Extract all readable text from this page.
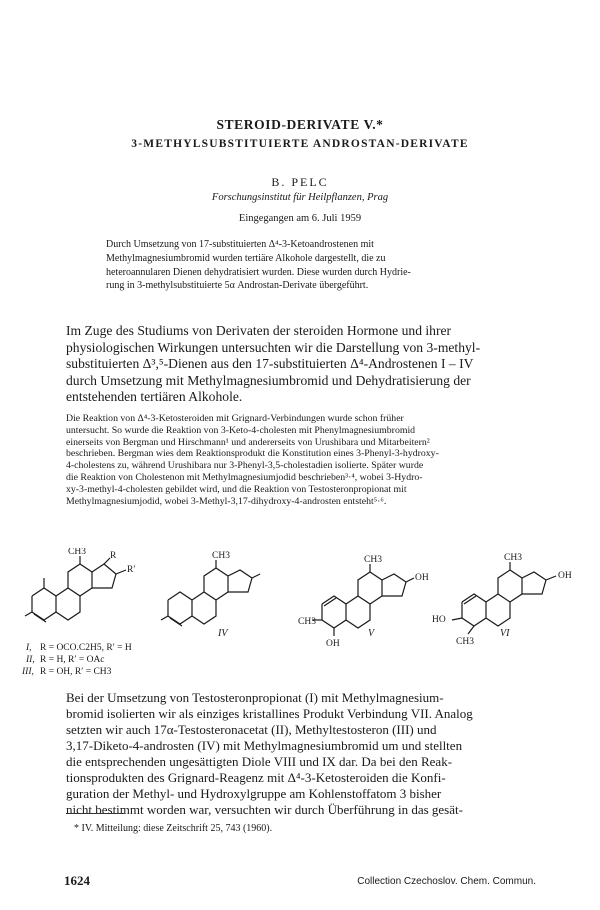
STEROID-DERIVATE V.*
3-METHYLSUBSTITUIERTE ANDROSTAN-DERIVATE
B. PELC
Forschungsinstitut für Heilpflanzen, Prag
Eingegangen am 6. Juli 1959
Durch Umsetzung von 17-substituierten Δ⁴-3-Ketoandrostenen mit
Methylmagnesiumbromid wurden tertiäre Alkohole dargestellt, die zu
heteroannularen Dienen dehydratisiert wurden. Diese wurden durch Hydrie-
rung in 3-methylsubstituierte 5α Androstan-Derivate übergeführt.
Im Zuge des Studiums von Derivaten der steroiden Hormone und ihrer
physiologischen Wirkungen untersuchten wir die Darstellung von 3-methyl-
substituierten Δ³,⁵-Dienen aus den 17-substituierten Δ⁴-Androstenen I – IV
durch Umsetzung mit Methylmagnesiumbromid und Dehydratisierung der
entstehenden tertiären Alkohole.
Die Reaktion von Δ⁴-3-Ketosteroiden mit Grignard-Verbindungen wurde schon früher
untersucht. So wurde die Reaktion von 3-Keto-4-cholesten mit Phenylmagnesiumbromid
einerseits von Bergman und Hirschmann¹ und andererseits von Urushibara und Mitarbeitern²
beschrieben. Bergman wies dem Reaktionsprodukt die Konstitution eines 3-Phenyl-3-hydroxy-
4-cholestens zu, während Urushibara nur 3-Phenyl-3,5-cholestadien isolierte. Später wurde
die Reaktion von Cholestenon mit Methylmagnesiumjodid beschrieben³·⁴, wobei 3-Hydro-
xy-3-methyl-4-cholesten gebildet wird, und die Reaktion von Testosteronpropionat mit
Methylmagnesiumjodid, wobei 3-Methyl-3,17-dihydroxy-4-androsten entsteht⁵·⁶.
CH3	R
R′
CH3
IV
CH3
OH
CH3
OH
V
CH3
OH
HO
CH3
VI
I, R = OCO.C2H5, R′ = H
II, R = H, R′ = OAc
III, R = OH, R′ = CH3
Bei der Umsetzung von Testosteronpropionat (I) mit Methylmagnesium-
bromid isolierten wir als einziges kristallines Produkt Verbindung VII. Analog
setzten wir auch 17α-Testosteronacetat (II), Methyltestosteron (III) und
3,17-Diketo-4-androsten (IV) mit Methylmagnesiumbromid um und stellten
die entsprechenden ungesättigten Diole VIII und IX dar. Da bei den Reak-
tionsprodukten des Grignard-Reagenz mit Δ⁴-3-Ketosteroiden die Konfi-
guration der Methyl- und Hydroxylgruppe am Kohlenstoffatom 3 bisher
nicht bestimmt worden war, versuchten wir durch Überführung in das gesät-
* IV. Mitteilung: diese Zeitschrift 25, 743 (1960).
1624	Collection Czechoslov. Chem. Commun.
